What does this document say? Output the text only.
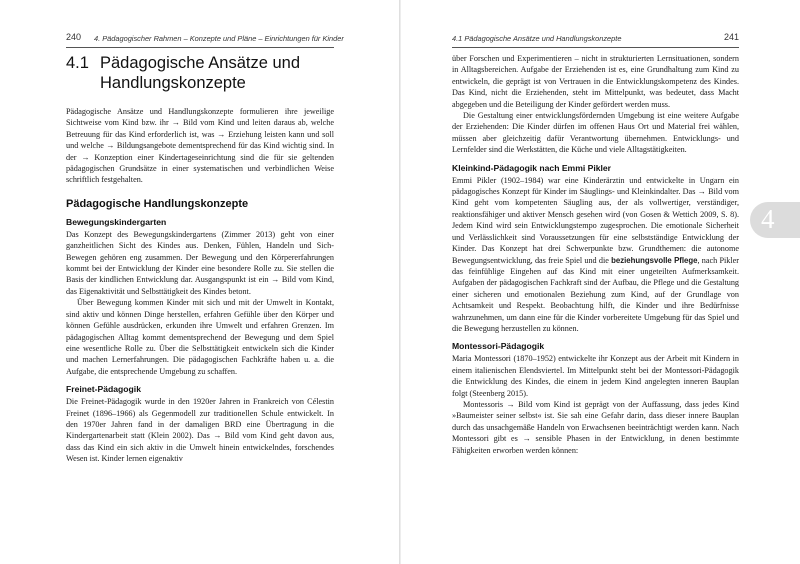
240 4. Pädagogischer Rahmen – Konzepte und Pläne – Einrichtungen für Kinder
4.1 Pädagogische Ansätze und Handlungskonzepte

Pädagogische Ansätze und Handlungskonzepte formulieren ihre jeweilige Sichtweise vom Kind bzw. ihr → Bild vom Kind und leiten daraus ab, welche Betreuung für das Kind erforderlich ist, was → Erziehung leisten kann und soll und welche → Bildungsangebote dementsprechend für das Kind wichtig sind. In der → Konzeption einer Kindertageseinrichtung sind die für sie geltenden pädagogischen Grundsätze in einer systematischen und verbindlichen Weise schriftlich festgehalten.

Pädagogische Handlungskonzepte
Bewegungskindergarten

Das Konzept des Bewegungskindergartens (Zimmer 2013) geht von einer ganzheitlichen Sicht des Kindes aus. Denken, Fühlen, Handeln und Sich-Bewegen gehören eng zusammen. Der Bewegung und den Körpererfahrungen kommt bei der Entwicklung der Kinder eine besondere Rolle zu. Sie stellen die Basis der kindlichen Entwicklung dar. Ausgangspunkt ist ein → Bild vom Kind, das Eigenaktivität und Selbsttätigkeit des Kindes betont.

Über Bewegung kommen Kinder mit sich und mit der Umwelt in Kontakt, sind aktiv und können Dinge herstellen, erfahren Gefühle über den Körper und können Gefühle ausdrücken, erkunden ihre Umwelt und erfahren Grenzen. Im pädagogischen Alltag kommt dementsprechend der Bewegung und dem Spiel eine wesentliche Rolle zu. Über die Selbsttätigkeit entwickeln sich die Kinder und machen Lernerfahrungen. Die pädagogischen Fachkräfte haben u. a. die Aufgabe, die entsprechende Umgebung zu schaffen.

Freinet-Pädagogik

Die Freinet-Pädagogik wurde in den 1920er Jahren in Frankreich von Célestin Freinet (1896–1966) als Gegenmodell zur traditionellen Schule entwickelt. In den 1970er Jahren fand in der damaligen BRD eine Übertragung in die Kindergartenarbeit statt (Klein 2002). Das → Bild vom Kind geht davon aus, dass das Kind ein sich aktiv in die Umwelt hinein entwickelndes, forschendes Wesen ist. Kinder lernen eigenaktiv

4.1 Pädagogische Ansätze und Handlungskonzepte	241

über Forschen und Experimentieren – nicht in strukturierten Lernsituationen, sondern in Alltagsbereichen. Aufgabe der Erziehenden ist es, eine Grundhaltung zum Kind zu entwickeln, die geprägt ist von Vertrauen in die Entwicklungskompetenz des Kindes. Das Kind, nicht die Erziehenden, steht im Mittelpunkt, was bedeutet, dass Macht abgegeben und die Beteiligung der Kinder gefördert werden muss.

Die Gestaltung einer entwicklungsfördernden Umgebung ist eine weitere Aufgabe der Erziehenden: Die Kinder dürfen im offenen Haus Ort und Material frei wählen, müssen aber gleichzeitig dafür Verantwortung übernehmen. Entwicklungs- und Lernfelder sind die Werkstätten, die Küche und viele Alltagstätigkeiten.

Kleinkind-Pädagogik nach Emmi Pikler

Emmi Pikler (1902–1984) war eine Kinderärztin und entwickelte in Ungarn ein pädagogisches Konzept für Kinder im Säuglings- und Kleinkindalter. Das → Bild vom Kind geht vom kompetenten Säugling aus, der als vollwertiger, verständiger, reaktionsfähiger und aktiver Mensch gesehen wird (von Gosen & Wettich 2009, S. 8). Jedem Kind wird sein Entwicklungstempo zugesprochen. Die emotionale Sicherheit und Verlässlichkeit sind Voraussetzungen für eine selbstständige Entwicklung der Kinder. Das Konzept hat drei Schwerpunkte bzw. Grundthemen: die autonome Bewegungsentwicklung, das freie Spiel und die beziehungsvolle Pflege, nach Pikler das feinfühlige Eingehen auf das Kind mit einer ungeteilten Aufmerksamkeit. Aufgaben der pädagogischen Fachkraft sind der Aufbau, die Pflege und die Gestaltung einer sicheren und emotionalen Beziehung zum Kind, auf der Grundlage von Achtsamkeit und Respekt. Beobachtung hilft, die Kinder und ihre Bedürfnisse wahrzunehmen, um dann eine für die Kinder vorbereitete Umgebung für das Spiel und die Bewegung herzustellen zu können.

Montessori-Pädagogik

Maria Montessori (1870–1952) entwickelte ihr Konzept aus der Arbeit mit Kindern in einem italienischen Elendsviertel. Im Mittelpunkt steht bei der Montessori-Pädagogik die Entwicklung des Kindes, die einem in jedem Kind angelegten inneren Bauplan folgt (Steenberg 2015).

Montessoris → Bild vom Kind ist geprägt von der Auffassung, dass jedes Kind »Baumeister seiner selbst« ist. Sie sah eine Gefahr darin, dass dieser innere Bauplan durch das unsachgemäße Handeln von Erwachsenen beeinträchtigt werden kann. Nach Montessori gibt es → sensible Phasen in der Entwicklung, in denen bestimmte Fähigkeiten erworben werden können:

4
